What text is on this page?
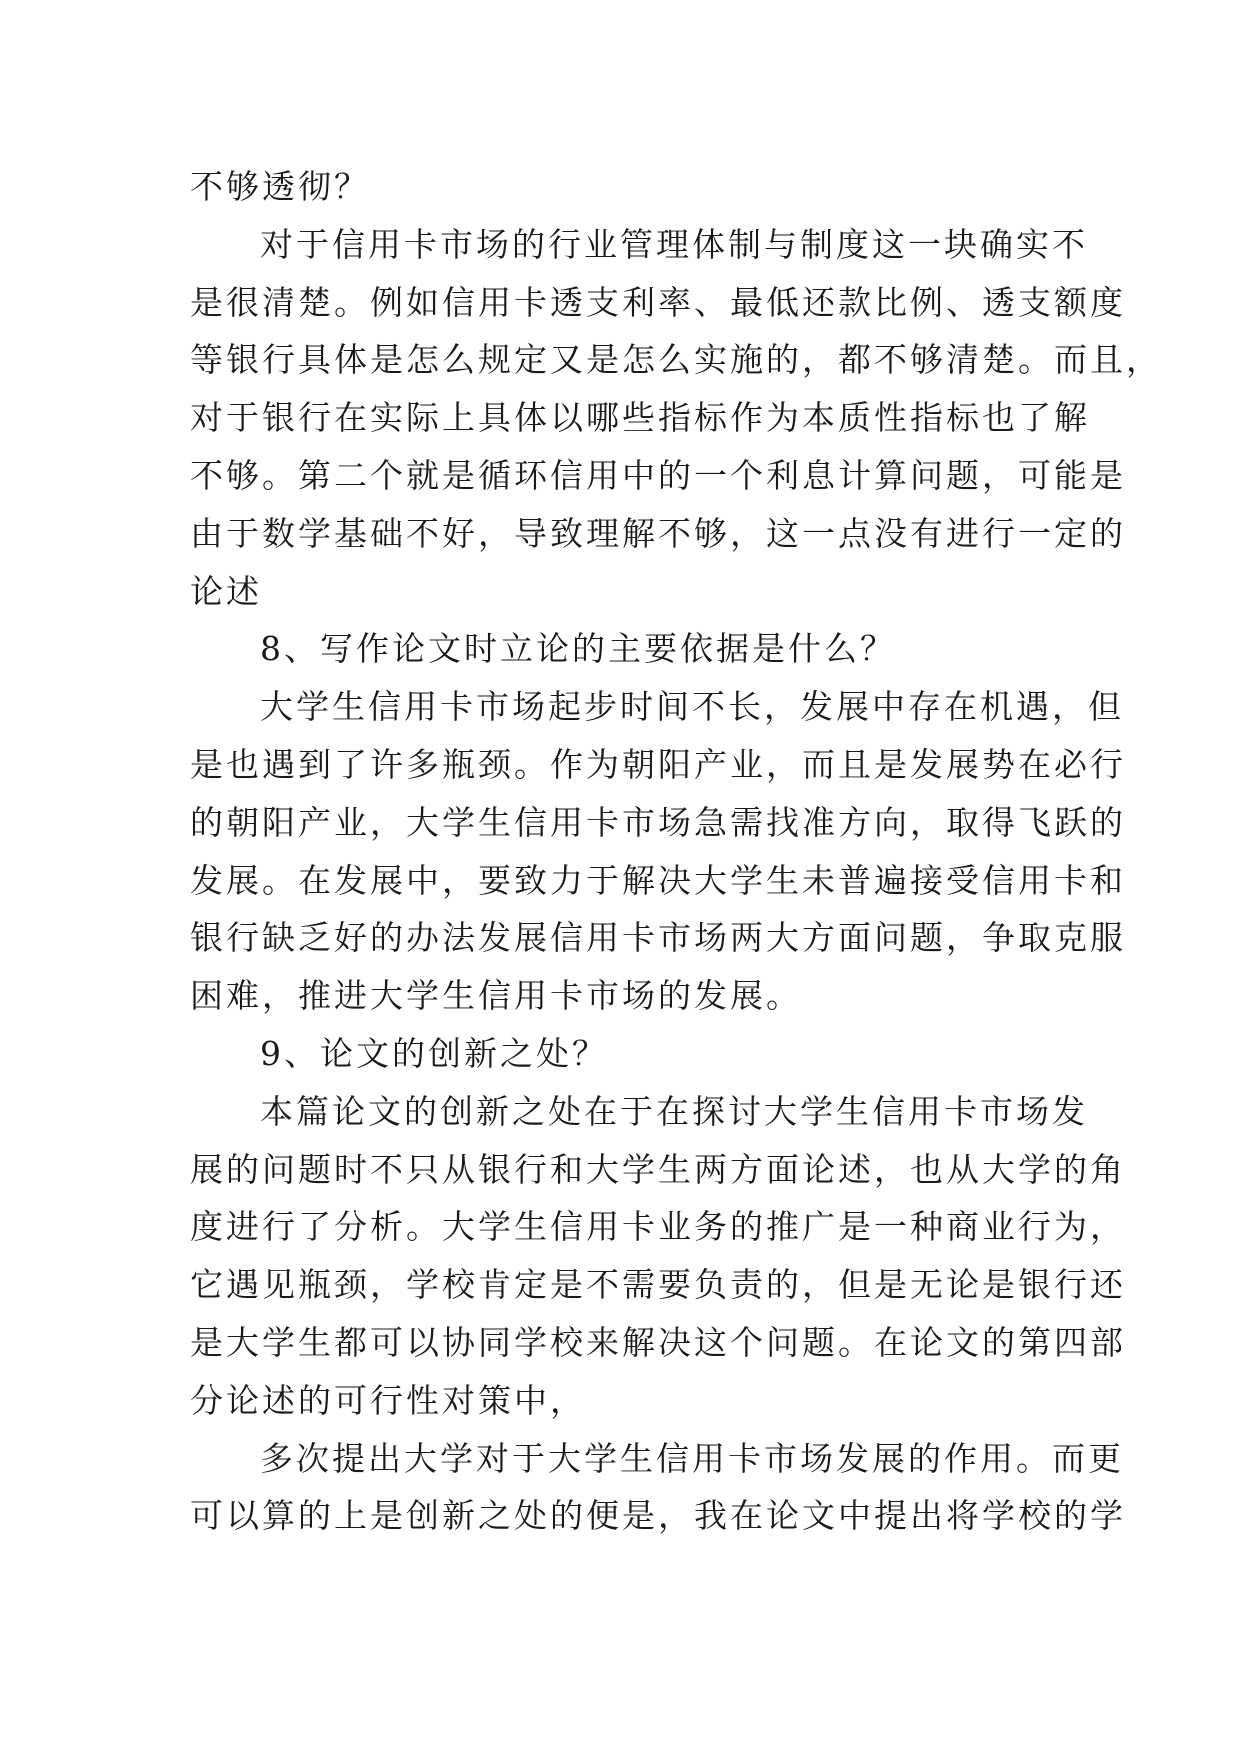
不够透彻？
对于信用卡市场的行业管理体制与制度这一块确实不
是很清楚。例如信用卡透支利率、最低还款比例、透支额度
等银行具体是怎么规定又是怎么实施的，都不够清楚。而且，
对于银行在实际上具体以哪些指标作为本质性指标也了解
不够。第二个就是循环信用中的一个利息计算问题，可能是
由于数学基础不好，导致理解不够，这一点没有进行一定的
论述
8、写作论文时立论的主要依据是什么？
大学生信用卡市场起步时间不长，发展中存在机遇，但
是也遇到了许多瓶颈。作为朝阳产业，而且是发展势在必行
的朝阳产业，大学生信用卡市场急需找准方向，取得飞跃的
发展。在发展中，要致力于解决大学生未普遍接受信用卡和
银行缺乏好的办法发展信用卡市场两大方面问题，争取克服
困难，推进大学生信用卡市场的发展。
9、论文的创新之处？
本篇论文的创新之处在于在探讨大学生信用卡市场发
展的问题时不只从银行和大学生两方面论述，也从大学的角
度进行了分析。大学生信用卡业务的推广是一种商业行为，
它遇见瓶颈，学校肯定是不需要负责的，但是无论是银行还
是大学生都可以协同学校来解决这个问题。在论文的第四部
分论述的可行性对策中，
多次提出大学对于大学生信用卡市场发展的作用。而更
可以算的上是创新之处的便是，我在论文中提出将学校的学
